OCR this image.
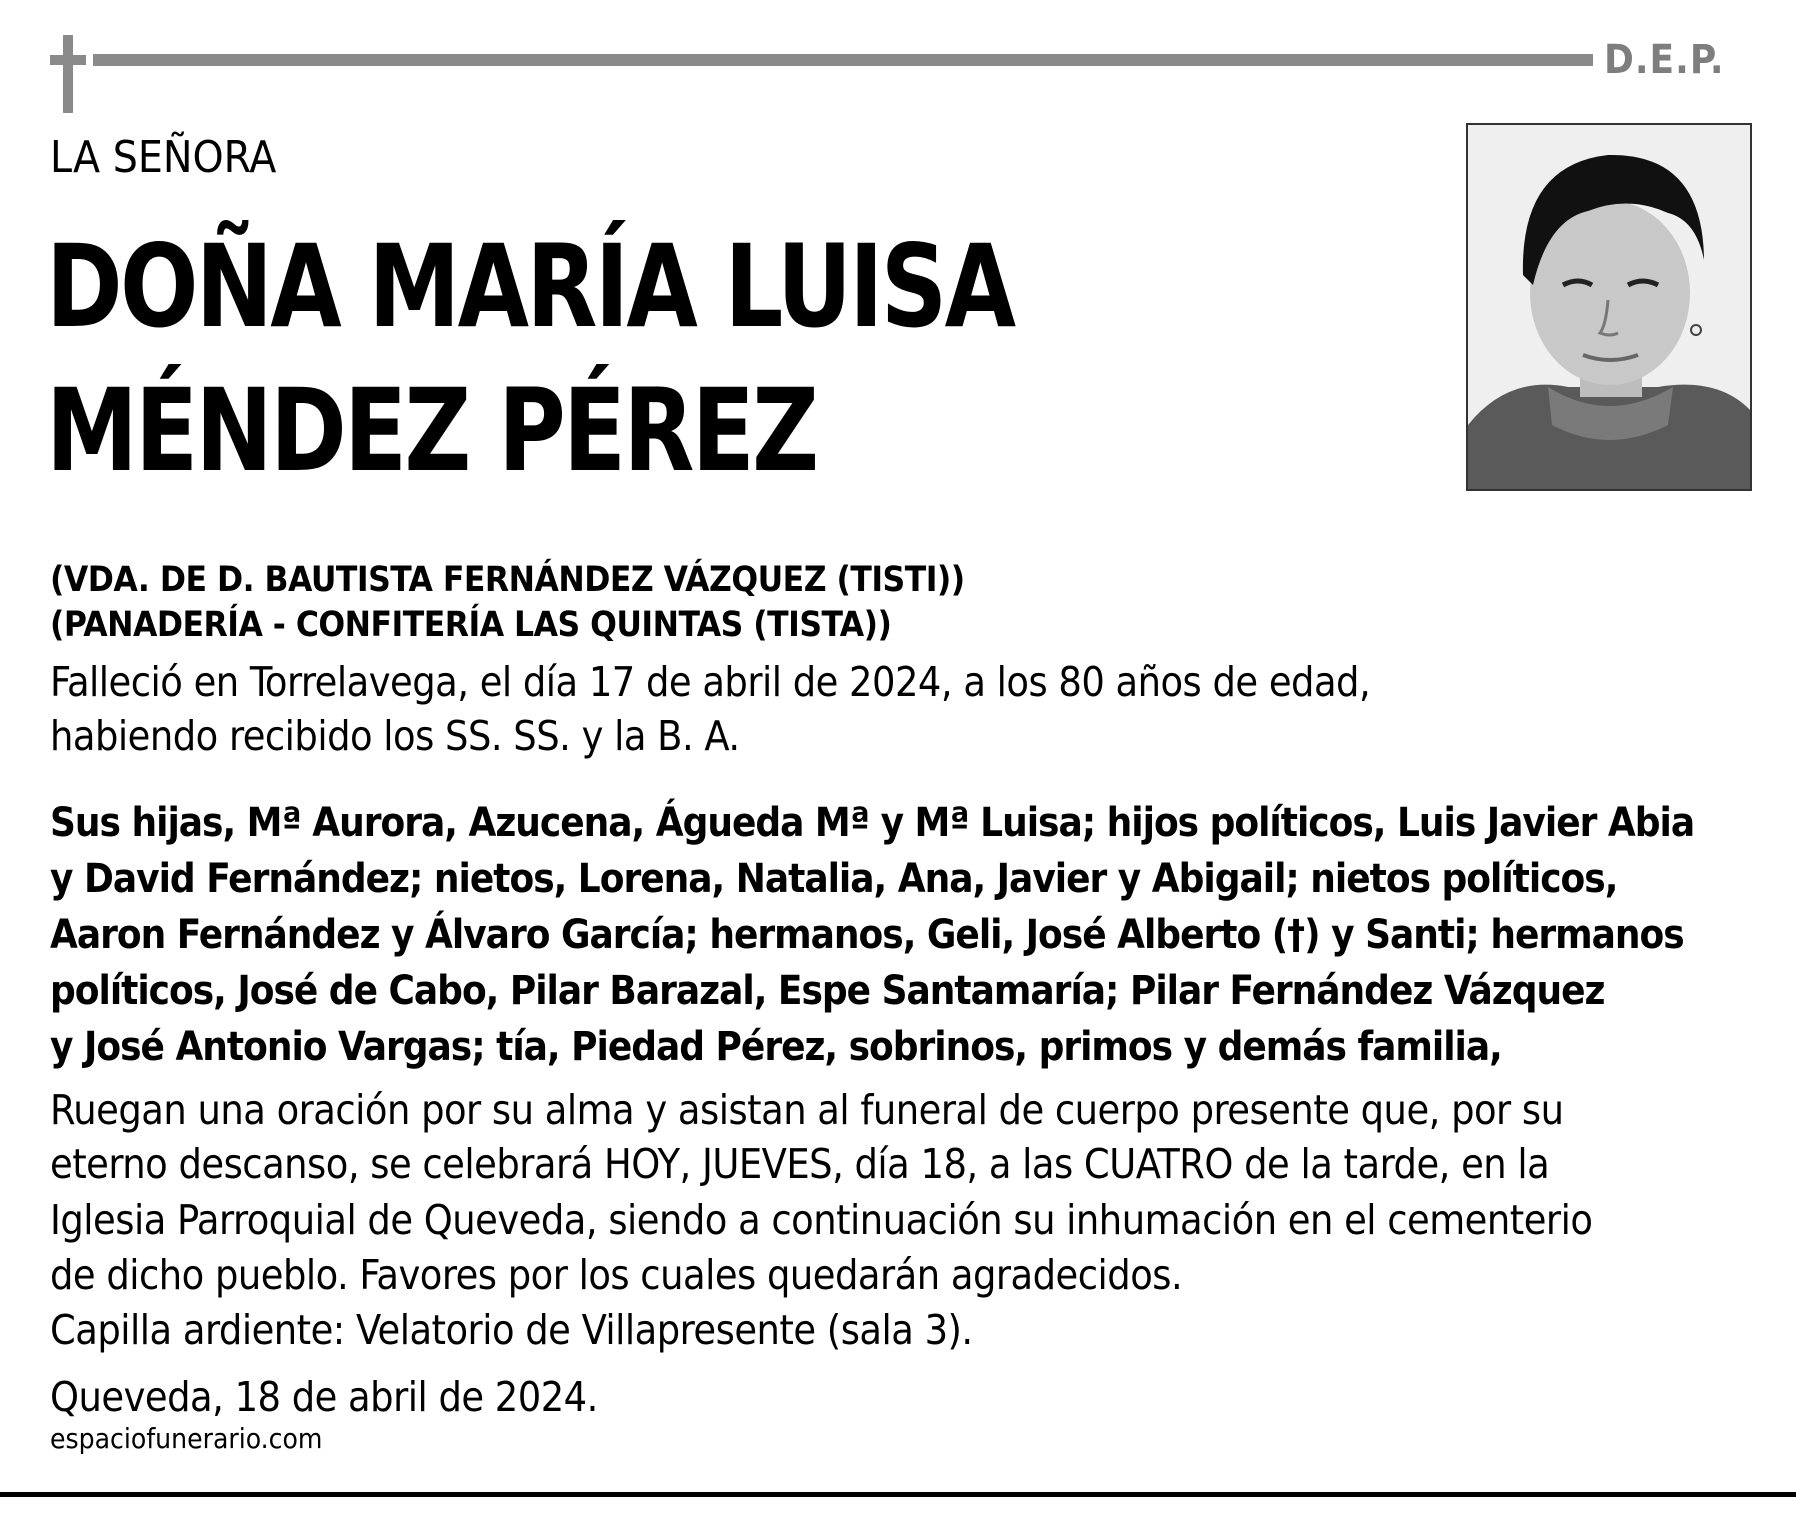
D.E.P.
LA SEÑORA
DOÑA MARÍA LUISA
MÉNDEZ PÉREZ
(VDA. DE D. BAUTISTA FERNÁNDEZ VÁZQUEZ (TISTI))
(PANADERÍA - CONFITERÍA LAS QUINTAS (TISTA))
Falleció en Torrelavega, el día 17 de abril de 2024, a los 80 años de edad,
habiendo recibido los SS. SS. y la B. A.
Sus hijas, Mª Aurora, Azucena, Águeda Mª y Mª Luisa; hijos políticos, Luis Javier Abia
y David Fernández; nietos, Lorena, Natalia, Ana, Javier y Abigail; nietos políticos,
Aaron Fernández y Álvaro García; hermanos, Geli, José Alberto (†) y Santi; hermanos
políticos, José de Cabo, Pilar Barazal, Espe Santamaría; Pilar Fernández Vázquez
y José Antonio Vargas; tía, Piedad Pérez, sobrinos, primos y demás familia,
Ruegan una oración por su alma y asistan al funeral de cuerpo presente que, por su
eterno descanso, se celebrará HOY, JUEVES, día 18, a las CUATRO de la tarde, en la
Iglesia Parroquial de Queveda, siendo a continuación su inhumación en el cementerio
de dicho pueblo. Favores por los cuales quedarán agradecidos.
Capilla ardiente: Velatorio de Villapresente (sala 3).
Queveda, 18 de abril de 2024.
espaciofunerario.com
